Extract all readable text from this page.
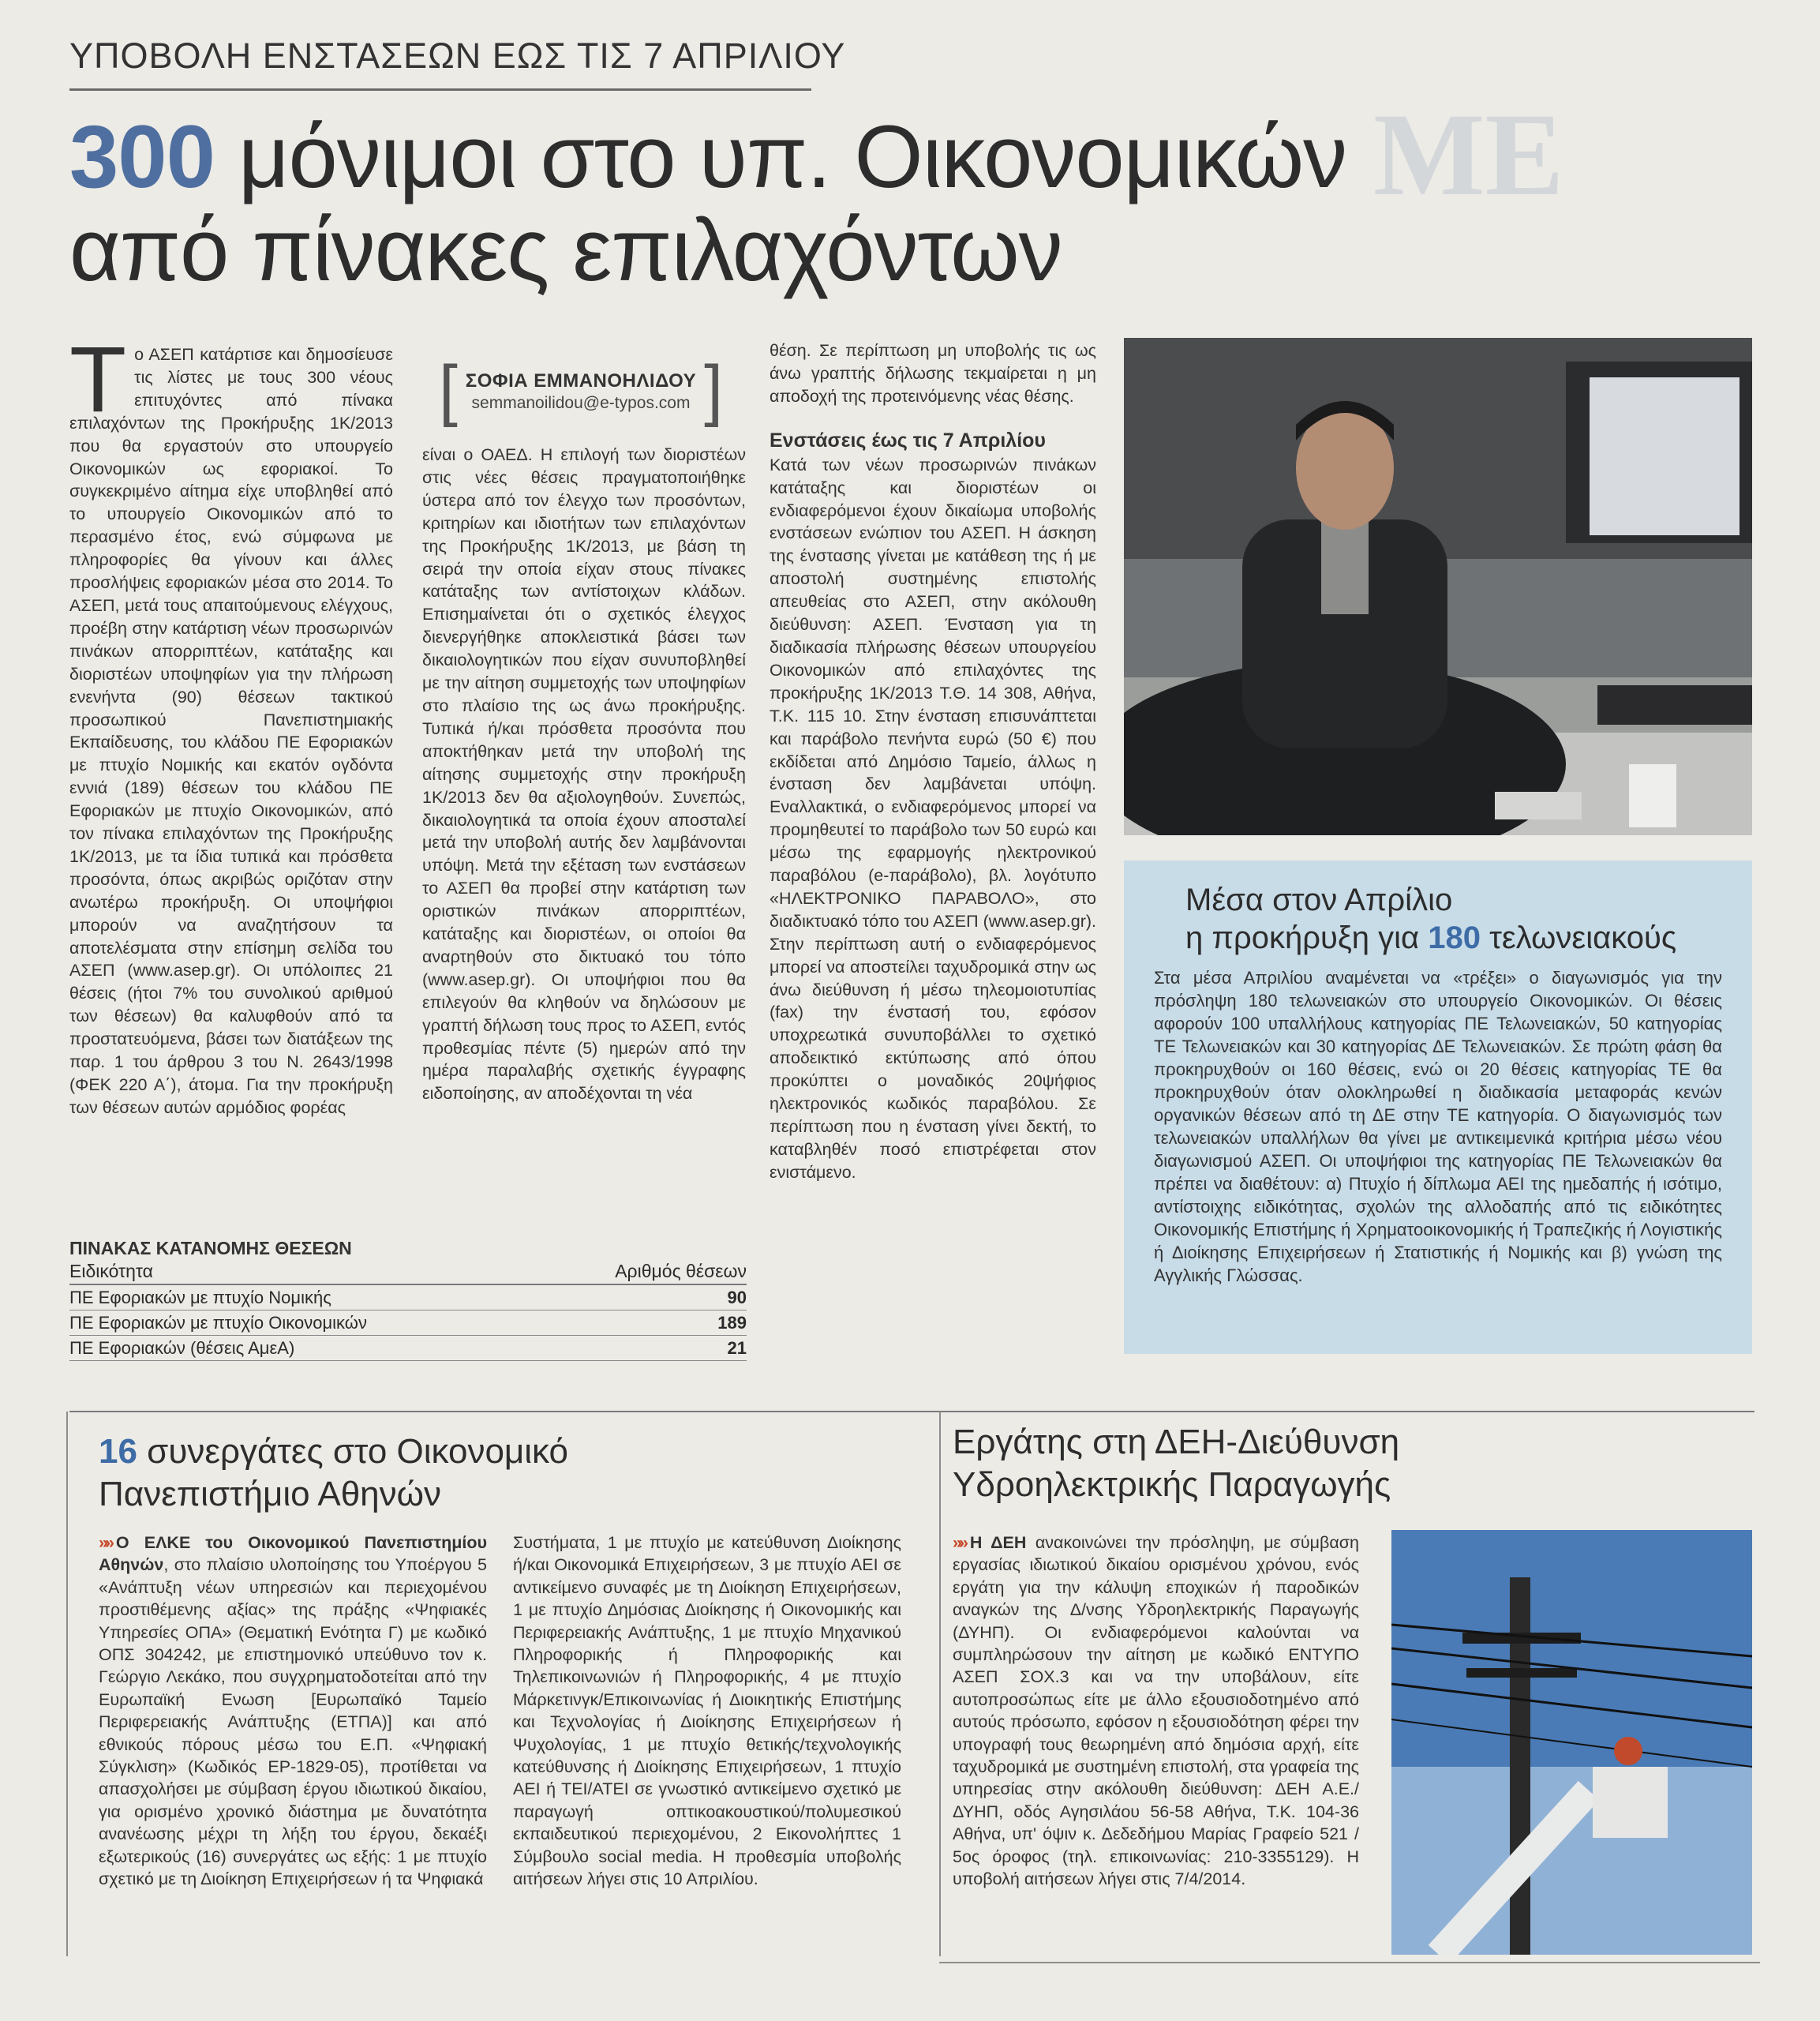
ΜΕ
ΥΠΟΒΟΛΗ ΕΝΣΤΑΣΕΩΝ ΕΩΣ ΤΙΣ 7 ΑΠΡΙΛΙΟΥ
300 μόνιμοι στο υπ. Οικονομικών
από πίνακες επιλαχόντων
[ ΣΟΦΙΑ ΕΜΜΑΝΟΗΛΙΔΟΥ
semmanoilidou@e-typos.com ]
Τ ο ΑΣΕΠ κατάρτισε και δημοσίευσε τις λίστες με τους 300 νέους επιτυχόντες από πίνακα επιλαχόντων της Προκήρυξης 1Κ/2013 που θα εργαστούν στο υπουργείο Οικονομικών ως εφοριακοί. Το συγκεκριμένο αίτημα είχε υποβληθεί από το υπουργείο Οικονομικών από το περασμένο έτος, ενώ σύμφωνα με πληροφορίες θα γίνουν και άλλες προσλήψεις εφοριακών μέσα στο 2014. Το ΑΣΕΠ, μετά τους απαιτούμενους ελέγχους, προέβη στην κατάρτιση νέων προσωρινών πινάκων απορριπτέων, κατάταξης και διοριστέων υποψηφίων για την πλήρωση ενενήντα (90) θέσεων τακτικού προσωπικού Πανεπιστημιακής Εκπαίδευσης, του κλάδου ΠΕ Εφοριακών με πτυχίο Νομικής και εκατόν ογδόντα εννιά (189) θέσεων του κλάδου ΠΕ Εφοριακών με πτυχίο Οικονομικών, από τον πίνακα επιλαχόντων της Προκήρυξης 1Κ/2013, με τα ίδια τυπικά και πρόσθετα προσόντα, όπως ακριβώς οριζόταν στην ανωτέρω προκήρυξη. Οι υποψήφιοι μπορούν να αναζητήσουν τα αποτελέσματα στην επίσημη σελίδα του ΑΣΕΠ (www.asep.gr). Οι υπόλοιπες 21 θέσεις (ήτοι 7% του συνολικού αριθμού των θέσεων) θα καλυφθούν από τα προστατευόμενα, βάσει των διατάξεων της παρ. 1 του άρθρου 3 του Ν. 2643/1998 (ΦΕΚ 220 Α΄), άτομα. Για την προκήρυξη των θέσεων αυτών αρμόδιος φορέας
είναι ο ΟΑΕΔ. Η επιλογή των διοριστέων στις νέες θέσεις πραγματοποιήθηκε ύστερα από τον έλεγχο των προσόντων, κριτηρίων και ιδιοτήτων των επιλαχόντων της Προκήρυξης 1Κ/2013, με βάση τη σειρά την οποία είχαν στους πίνακες κατάταξης των αντίστοιχων κλάδων. Επισημαίνεται ότι ο σχετικός έλεγχος διενεργήθηκε αποκλειστικά βάσει των δικαιολογητικών που είχαν συνυποβληθεί με την αίτηση συμμετοχής των υποψηφίων στο πλαίσιο της ως άνω προκήρυξης. Τυπικά ή/και πρόσθετα προσόντα που αποκτήθηκαν μετά την υποβολή της αίτησης συμμετοχής στην προκήρυξη 1Κ/2013 δεν θα αξιολογηθούν. Συνεπώς, δικαιολογητικά τα οποία έχουν αποσταλεί μετά την υποβολή αυτής δεν λαμβάνονται υπόψη. Μετά την εξέταση των ενστάσεων το ΑΣΕΠ θα προβεί στην κατάρτιση των οριστικών πινάκων απορριπτέων, κατάταξης και διοριστέων, οι οποίοι θα αναρτηθούν στο δικτυακό του τόπο (www.asep.gr). Οι υποψήφιοι που θα επιλεγούν θα κληθούν να δηλώσουν με γραπτή δήλωση τους προς το ΑΣΕΠ, εντός προθεσμίας πέντε (5) ημερών από την ημέρα παραλαβής σχετικής έγγραφης ειδοποίησης, αν αποδέχονται τη νέα

θέση. Σε περίπτωση μη υποβολής τις ως άνω γραπτής δήλωσης τεκμαίρεται η μη αποδοχή της προτεινόμενης νέας θέσης.

Ενστάσεις έως τις 7 Απριλίου

Κατά των νέων προσωρινών πινάκων κατάταξης και διοριστέων οι ενδιαφερόμενοι έχουν δικαίωμα υποβολής ενστάσεων ενώπιον του ΑΣΕΠ. Η άσκηση της ένστασης γίνεται με κατάθεση της ή με αποστολή συστημένης επιστολής απευθείας στο ΑΣΕΠ, στην ακόλουθη διεύθυνση: ΑΣΕΠ. Ένσταση για τη διαδικασία πλήρωσης θέσεων υπουργείου Οικονομικών από επιλαχόντες της προκήρυξης 1Κ/2013 Τ.Θ. 14 308, Αθήνα, Τ.Κ. 115 10. Στην ένσταση επισυνάπτεται και παράβολο πενήντα ευρώ (50 €) που εκδίδεται από Δημόσιο Ταμείο, άλλως η ένσταση δεν λαμβάνεται υπόψη. Εναλλακτικά, ο ενδιαφερόμενος μπορεί να προμηθευτεί το παράβολο των 50 ευρώ και μέσω της εφαρμογής ηλεκτρονικού παραβόλου (e-παράβολο), βλ. λογότυπο «ΗΛΕΚΤΡΟΝΙΚΟ ΠΑΡΑΒΟΛΟ», στο διαδικτυακό τόπο του ΑΣΕΠ (www.asep.gr). Στην περίπτωση αυτή ο ενδιαφερόμενος μπορεί να αποστείλει ταχυδρομικά στην ως άνω διεύθυνση ή μέσω τηλεομοιοτυπίας (fax) την ένστασή του, εφόσον υποχρεωτικά συνυποβάλλει το σχετικό αποδεικτικό εκτύπωσης από όπου προκύπτει ο μοναδικός 20ψήφιος ηλεκτρονικός κωδικός παραβόλου. Σε περίπτωση που η ένσταση γίνει δεκτή, το καταβληθέν ποσό επιστρέφεται στον ενιστάμενο.

Μέσα στον Απρίλιο
η προκήρυξη για 180 τελωνειακούς
Στα μέσα Απριλίου αναμένεται να «τρέξει» ο διαγωνισμός για την πρόσληψη 180 τελωνειακών στο υπουργείο Οικονομικών. Οι θέσεις αφορούν 100 υπαλλήλους κατηγορίας ΠΕ Τελωνειακών, 50 κατηγορίας ΤΕ Τελωνειακών και 30 κατηγορίας ΔΕ Τελωνειακών. Σε πρώτη φάση θα προκηρυχθούν οι 160 θέσεις, ενώ οι 20 θέσεις κατηγορίας ΤΕ θα προκηρυχθούν όταν ολοκληρωθεί η διαδικασία μεταφοράς κενών οργανικών θέσεων από τη ΔΕ στην ΤΕ κατηγορία. Ο διαγωνισμός των τελωνειακών υπαλλήλων θα γίνει με αντικειμενικά κριτήρια μέσω νέου διαγωνισμού ΑΣΕΠ. Οι υποψήφιοι της κατηγορίας ΠΕ Τελωνειακών θα πρέπει να διαθέτουν: α) Πτυχίο ή δίπλωμα ΑΕΙ της ημεδαπής ή ισότιμο, αντίστοιχης ειδικότητας, σχολών της αλλοδαπής από τις ειδικότητες Οικονομικής Επιστήμης ή Χρηματοοικονομικής ή Τραπεζικής ή Λογιστικής ή Διοίκησης Επιχειρήσεων ή Στατιστικής ή Νομικής και β) γνώση της Αγγλικής Γλώσσας.
ΠΙΝΑΚΑΣ ΚΑΤΑΝΟΜΗΣ ΘΕΣΕΩΝ
Ειδικότητα	Αριθμός θέσεων
ΠΕ Εφοριακών με πτυχίο Νομικής	90
ΠΕ Εφοριακών με πτυχίο Οικονομικών	189
ΠΕ Εφοριακών (θέσεις ΑμεΑ)	21
16 συνεργάτες στο Οικονομικό
Πανεπιστήμιο Αθηνών
»» Ο ΕΛΚΕ του Οικονομικού Πανεπιστημίου Αθηνών, στο πλαίσιο υλοποίησης του Υποέργου 5 «Ανάπτυξη νέων υπηρεσιών και περιεχομένου προστιθέμενης αξίας» της πράξης «Ψηφιακές Υπηρεσίες ΟΠΑ» (Θεματική Ενότητα Γ) με κωδικό ΟΠΣ 304242, με επιστημονικό υπεύθυνο τον κ. Γεώργιο Λεκάκο, που συγχρηματοδοτείται από την Ευρωπαϊκή Ενωση [Ευρωπαϊκό Ταμείο Περιφερειακής Ανάπτυξης (ΕΤΠΑ)] και από εθνικούς πόρους μέσω του Ε.Π. «Ψηφιακή Σύγκλιση» (Κωδικός ΕΡ-1829-05), προτίθεται να απασχολήσει με σύμβαση έργου ιδιωτικού δικαίου, για ορισμένο χρονικό διάστημα με δυνατότητα ανανέωσης μέχρι τη λήξη του έργου, δεκαέξι εξωτερικούς (16) συνεργάτες ως εξής: 1 με πτυχίο σχετικό με τη Διοίκηση Επιχειρήσεων ή τα Ψηφιακά
Συστήματα, 1 με πτυχίο με κατεύθυνση Διοίκησης ή/και Οικονομικά Επιχειρήσεων, 3 με πτυχίο ΑΕΙ σε αντικείμενο συναφές με τη Διοίκηση Επιχειρήσεων, 1 με πτυχίο Δημόσιας Διοίκησης ή Οικονομικής και Περιφερειακής Ανάπτυξης, 1 με πτυχίο Μηχανικού Πληροφορικής ή Πληροφορικής και Τηλεπικοινωνιών ή Πληροφορικής, 4 με πτυχίο Μάρκετινγκ/Επικοινωνίας ή Διοικητικής Επιστήμης και Τεχνολογίας ή Διοίκησης Επιχειρήσεων ή Ψυχολογίας, 1 με πτυχίο θετικής/τεχνολογικής κατεύθυνσης ή Διοίκησης Επιχειρήσεων, 1 πτυχίο ΑΕΙ ή ΤΕΙ/ΑΤΕΙ σε γνωστικό αντικείμενο σχετικό με παραγωγή οπτικοακουστικού/πολυμεσικού εκπαιδευτικού περιεχομένου, 2 Εικονολήπτες 1 Σύμβουλο social media. Η προθεσμία υποβολής αιτήσεων λήγει στις 10 Απριλίου.
Εργάτης στη ΔΕΗ-Διεύθυνση
Υδροηλεκτρικής Παραγωγής
»» Η ΔΕΗ ανακοινώνει την πρόσληψη, με σύμβαση εργασίας ιδιωτικού δικαίου ορισμένου χρόνου, ενός εργάτη για την κάλυψη εποχικών ή παροδικών αναγκών της Δ/νσης Υδροηλεκτρικής Παραγωγής (ΔΥΗΠ). Οι ενδιαφερόμενοι καλούνται να συμπληρώσουν την αίτηση με κωδικό ΕΝΤΥΠΟ ΑΣΕΠ ΣΟΧ.3 και να την υποβάλουν, είτε αυτοπροσώπως είτε με άλλο εξουσιοδοτημένο από αυτούς πρόσωπο, εφόσον η εξουσιοδότηση φέρει την υπογραφή τους θεωρημένη από δημόσια αρχή, είτε ταχυδρομικά με συστημένη επιστολή, στα γραφεία της υπηρεσίας στην ακόλουθη διεύθυνση: ΔΕΗ Α.Ε./ΔΥΗΠ, οδός Αγησιλάου 56-58 Αθήνα, Τ.Κ. 104-36 Αθήνα, υπ' όψιν κ. Δεδεδήμου Μαρίας Γραφείο 521 / 5ος όροφος (τηλ. επικοινωνίας: 210-3355129). Η υποβολή αιτήσεων λήγει στις 7/4/2014.
